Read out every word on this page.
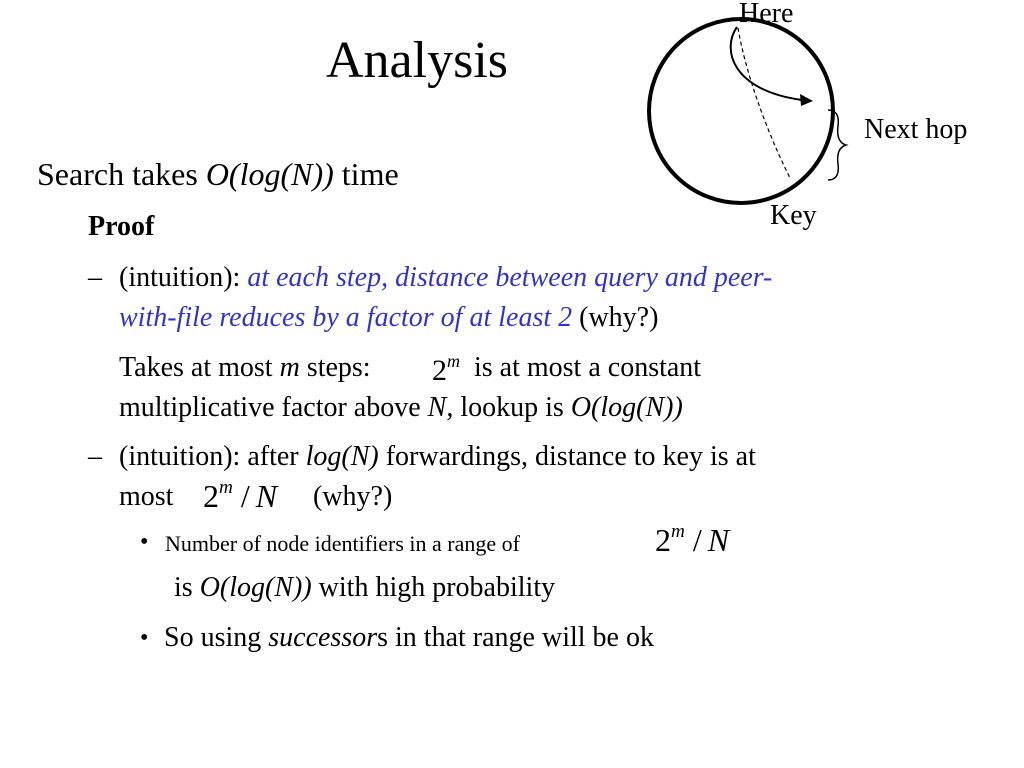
Analysis
Search takes O(log(N)) time
Proof
– (intuition): at each step, distance between query and peer-
with-file reduces by a factor of at least 2 (why?)
Takes at most m steps: 2$^m$ is at most a constant
multiplicative factor above N, lookup is O(log(N))
– (intuition): after log(N) forwardings, distance to key is at
most 2$^m$ / N (why?)
• Number of node identifiers in a range of	2$^m$ / N
is O(log(N)) with high probability
• So using successors in that range will be ok
Here
Next hop
Key
